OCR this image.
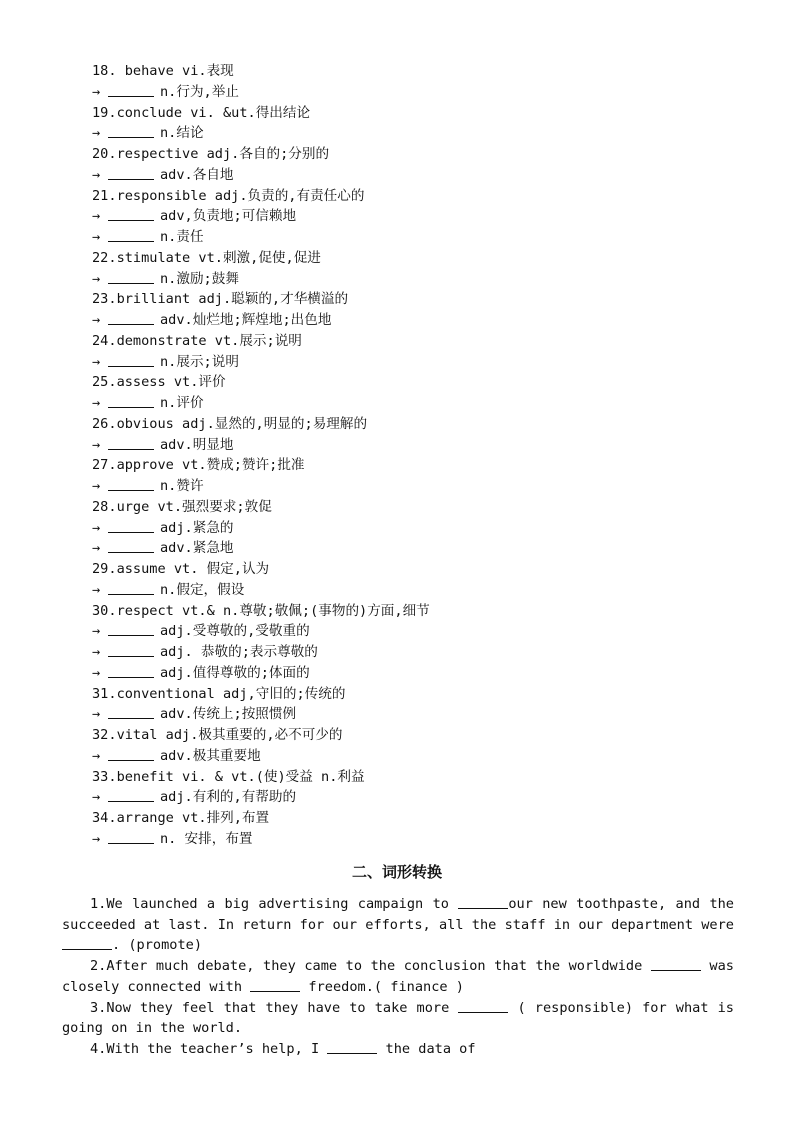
18. behave vi.表现
→	n.行为,举止
19.conclude vi. &ut.得出结论
→	n.结论
20.respective adj.各自的;分别的
→	adv.各自地
21.responsible adj.负责的,有责任心的
→	adv,负责地;可信赖地
→	n.责任
22.stimulate vt.刺激,促使,促进
→	n.激励;鼓舞
23.brilliant adj.聪颖的,才华横溢的
→	adv.灿烂地;辉煌地;出色地
24.demonstrate vt.展示;说明
→	n.展示;说明
25.assess vt.评价
→	n.评价
26.obvious adj.显然的,明显的;易理解的
→	adv.明显地
27.approve vt.赞成;赞许;批准
→	n.赞许
28.urge vt.强烈要求;敦促
→	adj.紧急的
→	adv.紧急地
29.assume vt. 假定,认为
→	n.假定，假设
30.respect vt.& n.尊敬;敬佩;(事物的)方面,细节
→	adj.受尊敬的,受敬重的
→	adj. 恭敬的;表示尊敬的
→	adj.值得尊敬的;体面的
31.conventional adj,守旧的;传统的
→	adv.传统上;按照惯例
32.vital adj.极其重要的,必不可少的
→	adv.极其重要地
33.benefit vi. & vt.(使)受益 n.利益
→	adj.有利的,有帮助的
34.arrange vt.排列,布置
→	n. 安排，布置
二、词形转换

1.We launched a big advertising campaign to	our new toothpaste, and the succeeded at last. In return for our efforts, all the staff in our department were . (promote)

2.After much debate, they came to the conclusion that the worldwide	was closely connected with	freedom.( finance )

3.Now they feel that they have to take more	( responsible) for what is going on in the world.

4.With the teacher’s help, I	the data of
